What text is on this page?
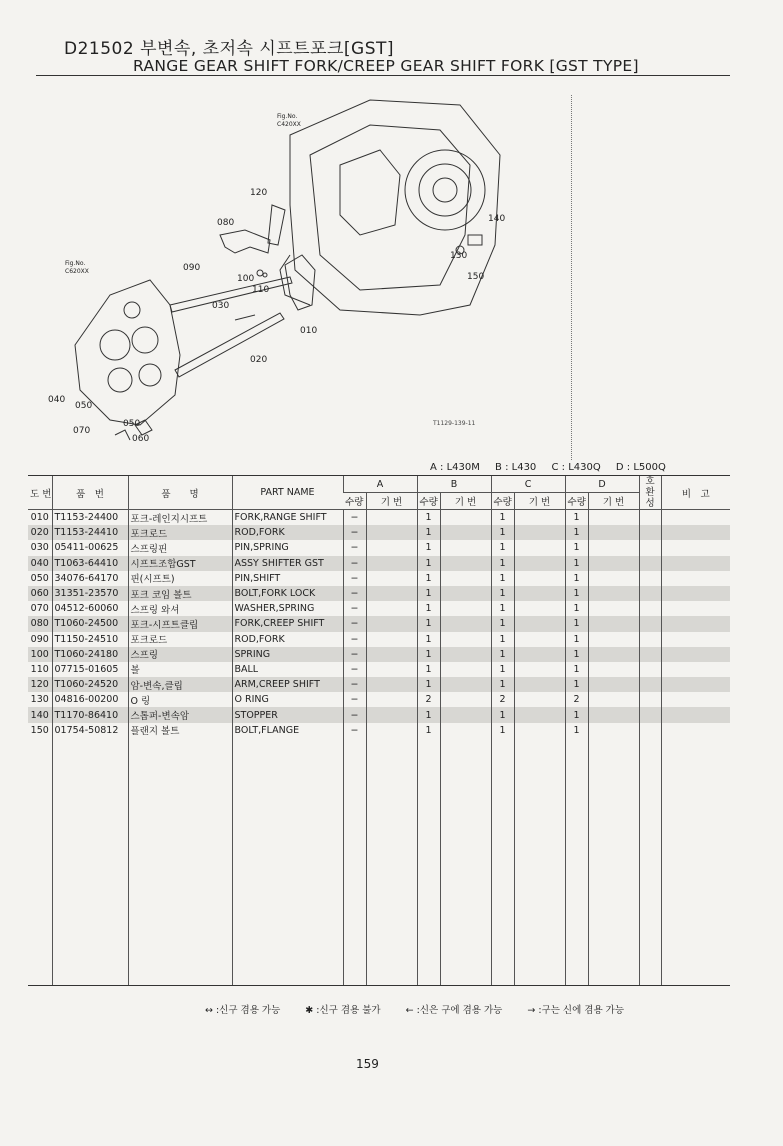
D21502 부변속, 초저속 시프트포크[GST]
RANGE GEAR SHIFT FORK/CREEP GEAR SHIFT FORK [GST TYPE]
Fig.No.
C420XX
Fig.No.
C620XX
120
080	140
090
130
100	150
110
030
010
020
040
050
050
070
060
T1129-139-11
A : L430M B : L430 C : L430Q D : L500Q
도 번	품　번	품　　명	PART NAME	A		B		C		D		호 환 성	비　고
				수량	기 번	수량	기 번	수량	기 번	수량	기 번		
010	T1153-24400	포크-레인지시프트	FORK,RANGE SHIFT	−		1		1		1			
020	T1153-24410	포크로드	ROD,FORK	−		1		1		1			
030	05411-00625	스프링핀	PIN,SPRING	−		1		1		1			
040	T1063-64410	시프트조합GST	ASSY SHIFTER GST	−		1		1		1			
050	34076-64170	핀(시프트)	PIN,SHIFT	−		1		1		1			
060	31351-23570	포크 코임 볼트	BOLT,FORK LOCK	−		1		1		1			
070	04512-60060	스프링 와셔	WASHER,SPRING	−		1		1		1			
080	T1060-24500	포크-시프트클립	FORK,CREEP SHIFT	−		1		1		1			
090	T1150-24510	포크로드	ROD,FORK	−		1		1		1			
100	T1060-24180	스프링	SPRING	−		1		1		1			
110	07715-01605	볼	BALL	−		1		1		1			
120	T1060-24520	암-변속,클립	ARM,CREEP SHIFT	−		1		1		1			
130	04816-00200	O 링	O RING	−		2		2		2			
140	T1170-86410	스톱퍼-변속암	STOPPER	−		1		1		1			
150	01754-50812	플랜지 볼트	BOLT,FLANGE	−		1		1		1			

↔ :신구 겸용 가능	✱ :신구 겸용 불가	← :신은 구에 겸용 가능	→ :구는 신에 겸용 가능
159
